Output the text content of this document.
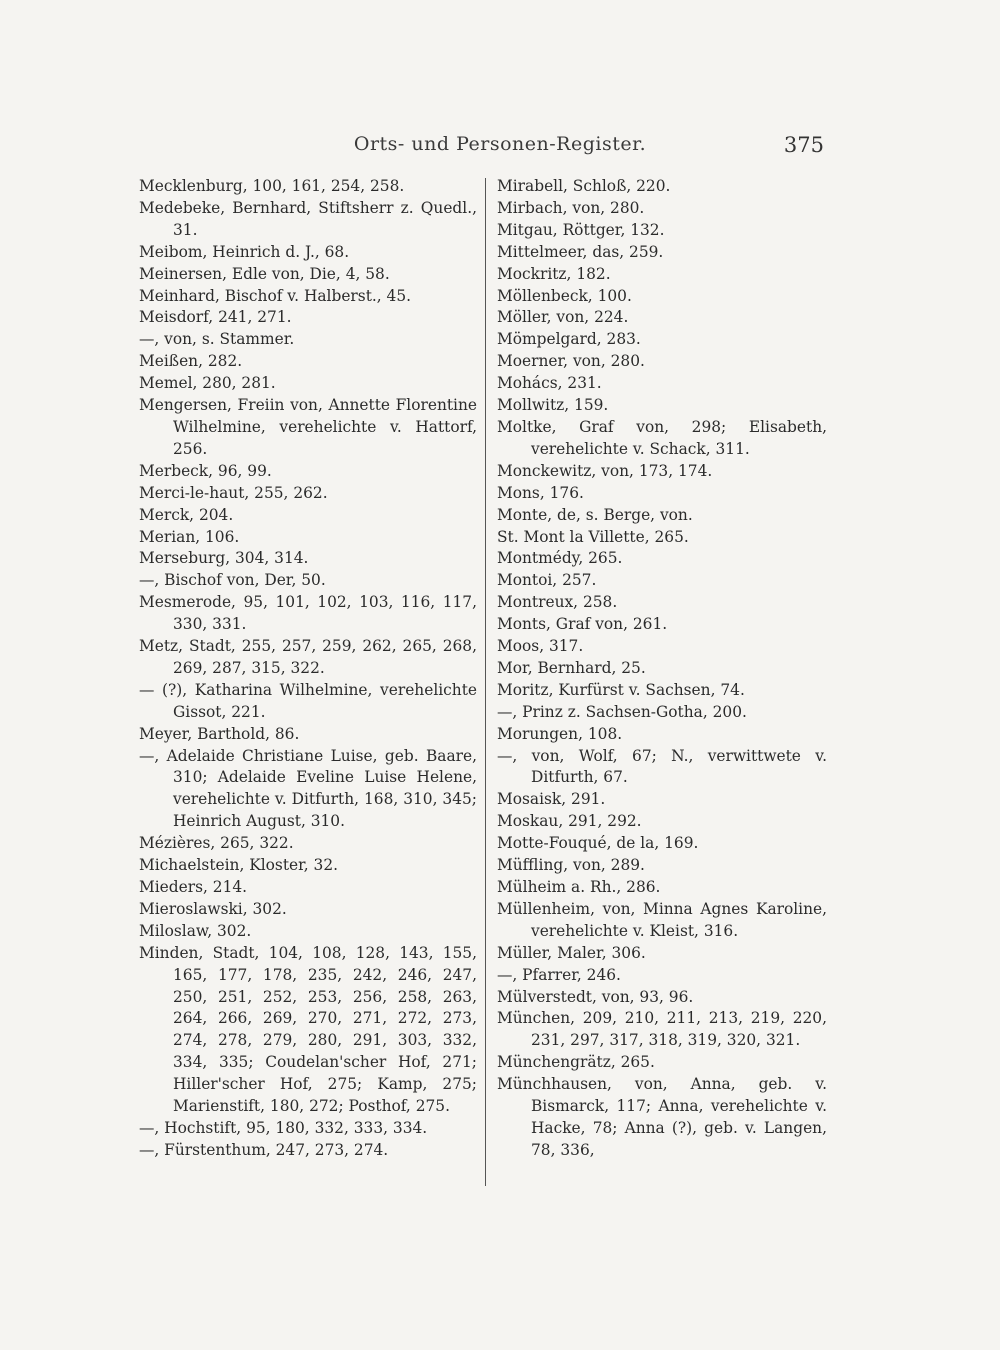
Orts- und Personen-Register.	375
Mecklenburg, 100, 161, 254, 258.
Medebeke, Bernhard, Stiftsherr z. Quedl., 31.
Meibom, Heinrich d. J., 68.
Meinersen, Edle von, Die, 4, 58.
Meinhard, Bischof v. Halberst., 45.
Meisdorf, 241, 271.
—, von, s. Stammer.
Meißen, 282.
Memel, 280, 281.
Mengersen, Freiin von, Annette Florentine Wilhelmine, verehelichte v. Hattorf, 256.
Merbeck, 96, 99.
Merci-le-haut, 255, 262.
Merck, 204.
Merian, 106.
Merseburg, 304, 314.
—, Bischof von, Der, 50.
Mesmerode, 95, 101, 102, 103, 116, 117, 330, 331.
Metz, Stadt, 255, 257, 259, 262, 265, 268, 269, 287, 315, 322.
— (?), Katharina Wilhelmine, verehelichte Gissot, 221.
Meyer, Barthold, 86.
—, Adelaide Christiane Luise, geb. Baare, 310; Adelaide Eveline Luise Helene, verehelichte v. Ditfurth, 168, 310, 345; Heinrich August, 310.
Mézières, 265, 322.
Michaelstein, Kloster, 32.
Mieders, 214.
Mieroslawski, 302.
Miloslaw, 302.
Minden, Stadt, 104, 108, 128, 143, 155, 165, 177, 178, 235, 242, 246, 247, 250, 251, 252, 253, 256, 258, 263, 264, 266, 269, 270, 271, 272, 273, 274, 278, 279, 280, 291, 303, 332, 334, 335; Coudelan'scher Hof, 271; Hiller'scher Hof, 275; Kamp, 275; Marienstift, 180, 272; Posthof, 275.
—, Hochstift, 95, 180, 332, 333, 334.
—, Fürstenthum, 247, 273, 274.
Mirabell, Schloß, 220.
Mirbach, von, 280.
Mitgau, Röttger, 132.
Mittelmeer, das, 259.
Mockritz, 182.
Möllenbeck, 100.
Möller, von, 224.
Mömpelgard, 283.
Moerner, von, 280.
Mohács, 231.
Mollwitz, 159.
Moltke, Graf von, 298; Elisabeth, verehelichte v. Schack, 311.
Monckewitz, von, 173, 174.
Mons, 176.
Monte, de, s. Berge, von.
St. Mont la Villette, 265.
Montmédy, 265.
Montoi, 257.
Montreux, 258.
Monts, Graf von, 261.
Moos, 317.
Mor, Bernhard, 25.
Moritz, Kurfürst v. Sachsen, 74.
—, Prinz z. Sachsen-Gotha, 200.
Morungen, 108.
—, von, Wolf, 67; N., verwittwete v. Ditfurth, 67.
Mosaisk, 291.
Moskau, 291, 292.
Motte-Fouqué, de la, 169.
Müffling, von, 289.
Mülheim a. Rh., 286.
Müllenheim, von, Minna Agnes Karoline, verehelichte v. Kleist, 316.
Müller, Maler, 306.
—, Pfarrer, 246.
Mülverstedt, von, 93, 96.
München, 209, 210, 211, 213, 219, 220, 231, 297, 317, 318, 319, 320, 321.
Münchengrätz, 265.
Münchhausen, von, Anna, geb. v. Bismarck, 117; Anna, verehelichte v. Hacke, 78; Anna (?), geb. v. Langen, 78, 336,
